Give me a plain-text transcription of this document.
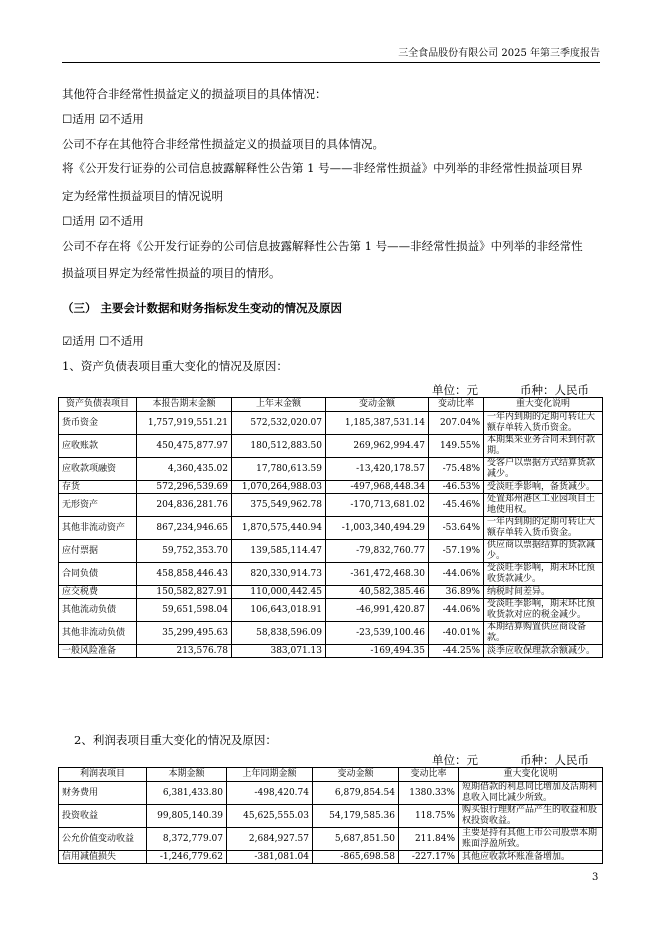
三全食品股份有限公司 2025 年第三季度报告
其他符合非经常性损益定义的损益项目的具体情况：
☐适用 ☑不适用
公司不存在其他符合非经常性损益定义的损益项目的具体情况。
将《公开发行证券的公司信息披露解释性公告第 1 号——非经常性损益》中列举的非经常性损益项目界
定为经常性损益项目的情况说明
☐适用 ☑不适用
公司不存在将《公开发行证券的公司信息披露解释性公告第 1 号——非经常性损益》中列举的非经常性
损益项目界定为经常性损益的项目的情形。
（三） 主要会计数据和财务指标发生变动的情况及原因
☑适用 ☐不适用
1、资产负债表项目重大变化的情况及原因：
单位：元	币种：人民币
资产负债表项目	本报告期末金额	上年末金额	变动金额	变动比率	重大变化说明
货币资金	1,757,919,551.21	572,532,020.07	1,185,387,531.14	207.04%	一年内到期的定期可转让大额存单转入货币资金。
应收账款	450,475,877.97	180,512,883.50	269,962,994.47	149.55%	本期集采业务合同未到付款期。
应收款项融资	4,360,435.02	17,780,613.59	-13,420,178.57	-75.48%	受客户以票据方式结算货款减少。
存货	572,296,539.69	1,070,264,988.03	-497,968,448.34	-46.53%	受淡旺季影响，备货减少。
无形资产	204,836,281.76	375,549,962.78	-170,713,681.02	-45.46%	处置郑州港区工业园项目土地使用权。
其他非流动资产	867,234,946.65	1,870,575,440.94	-1,003,340,494.29	-53.64%	一年内到期的定期可转让大额存单转入货币资金。
应付票据	59,752,353.70	139,585,114.47	-79,832,760.77	-57.19%	供应商以票据结算的货款减少。
合同负债	458,858,446.43	820,330,914.73	-361,472,468.30	-44.06%	受淡旺季影响，期末环比预收货款减少。
应交税费	150,582,827.91	110,000,442.45	40,582,385.46	36.89%	纳税时间差异。
其他流动负债	59,651,598.04	106,643,018.91	-46,991,420.87	-44.06%	受淡旺季影响，期末环比预收货款对应的税金减少。
其他非流动负债	35,299,495.63	58,838,596.09	-23,539,100.46	-40.01%	本期结算购置供应商设备款。
一般风险准备	213,576.78	383,071.13	-169,494.35	-44.25%	淡季应收保理款余额减少。
2、利润表项目重大变化的情况及原因：
单位：元	币种：人民币
利润表项目	本期金额	上年同期金额	变动金额	变动比率	重大变化说明
财务费用	6,381,433.80	-498,420.74	6,879,854.54	1380.33%	短期借款的利息同比增加及活期利息收入同比减少所致。
投资收益	99,805,140.39	45,625,555.03	54,179,585.36	118.75%	购买银行理财产品产生的收益和股权投资收益。
公允价值变动收益	8,372,779.07	2,684,927.57	5,687,851.50	211.84%	主要是持有其他上市公司股票本期账面浮盈所致。
信用减值损失	-1,246,779.62	-381,081.04	-865,698.58	-227.17%	其他应收款坏账准备增加。
3
